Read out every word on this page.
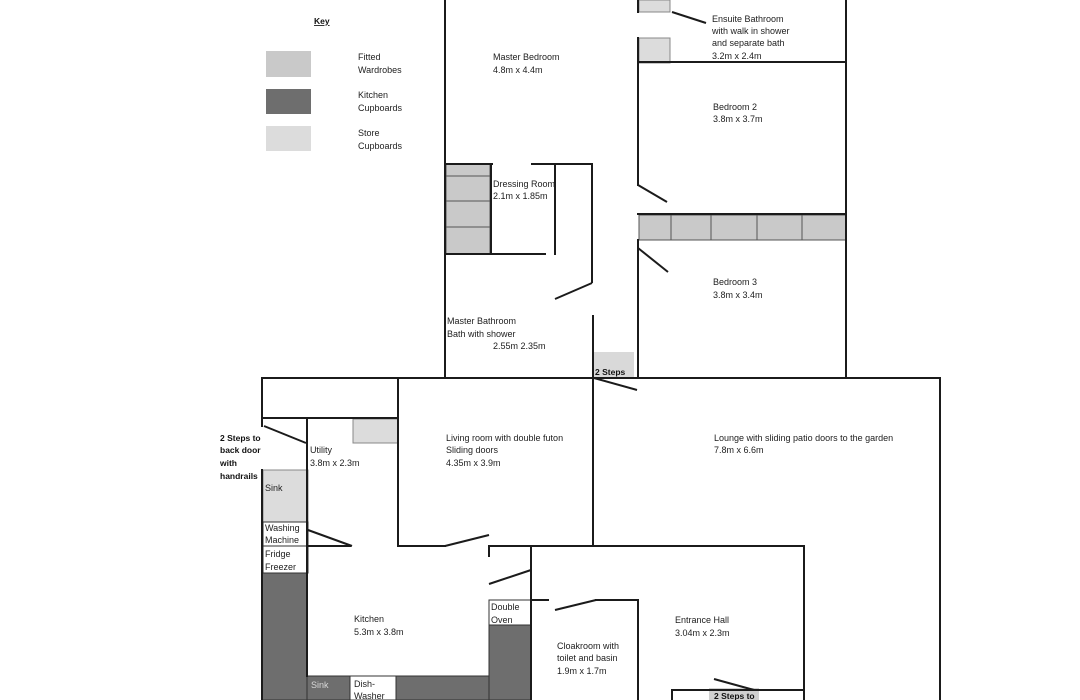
Key
Fitted
Wardrobes
Kitchen
Cupboards
Store
Cupboards
Master Bedroom
4.8m x 4.4m
Ensuite Bathroom
with walk in shower
and separate bath
3.2m x 2.4m
Bedroom 2
3.8m x 3.7m
Dressing Room
2.1m x 1.85m
Bedroom 3
3.8m x 3.4m
Master Bathroom
Bath with shower
2.55m 2.35m
Utility
3.8m x 2.3m
Living room with double futon
Sliding doors
4.35m x 3.9m
Lounge with sliding patio doors to the garden
7.8m x 6.6m
Kitchen
5.3m x 3.8m
Cloakroom with
toilet and basin
1.9m x 1.7m
Entrance Hall
3.04m x 2.3m
2 Steps
2 Steps to
back door
with
handrails
2 Steps to
Sink
Washing
Machine
Fridge
Freezer
Double
Oven
Sink	Dish-
Washer
